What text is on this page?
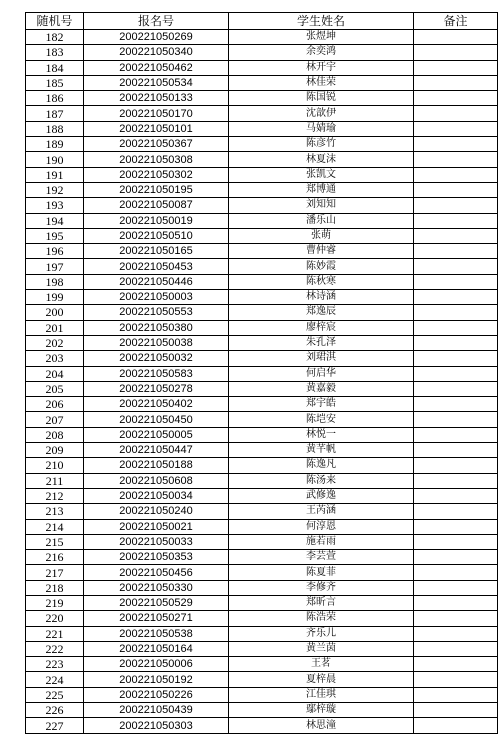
随机号	报名号	学生姓名	备注
182	200221050269	张煜坤	
183	200221050340	余奕鸿	
184	200221050462	林开宇	
185	200221050534	林佳荣	
186	200221050133	陈国锐	
187	200221050170	沈歆伊	
188	200221050101	马婧瑜	
189	200221050367	陈彦竹	
190	200221050308	林夏沫	
191	200221050302	张凯文	
192	200221050195	郑博通	
193	200221050087	刘知知	
194	200221050019	潘乐山	
195	200221050510	张萌	
196	200221050165	曹仲睿	
197	200221050453	陈妙霞	
198	200221050446	陈秋寒	
199	200221050003	林诗涵	
200	200221050553	郑逸辰	
201	200221050380	廖梓宸	
202	200221050038	朱孔泽	
203	200221050032	刘珺淇	
204	200221050583	何启华	
205	200221050278	黄嘉毅	
206	200221050402	郑宇皓	
207	200221050450	陈垲安	
208	200221050005	林悦一	
209	200221050447	黄芊帆	
210	200221050188	陈逸凡	
211	200221050608	陈汤来	
212	200221050034	武修逸	
213	200221050240	王芮涵	
214	200221050021	何淳恩	
215	200221050033	施若雨	
216	200221050353	李芸萱	
217	200221050456	陈夏菲	
218	200221050330	李修齐	
219	200221050529	郑昕言	
220	200221050271	陈浩荣	
221	200221050538	齐乐儿	
222	200221050164	黄兰茵	
223	200221050006	王茗	
224	200221050192	夏梓晨	
225	200221050226	江佳琪	
226	200221050439	鄢梓璇	
227	200221050303	林思潼	
